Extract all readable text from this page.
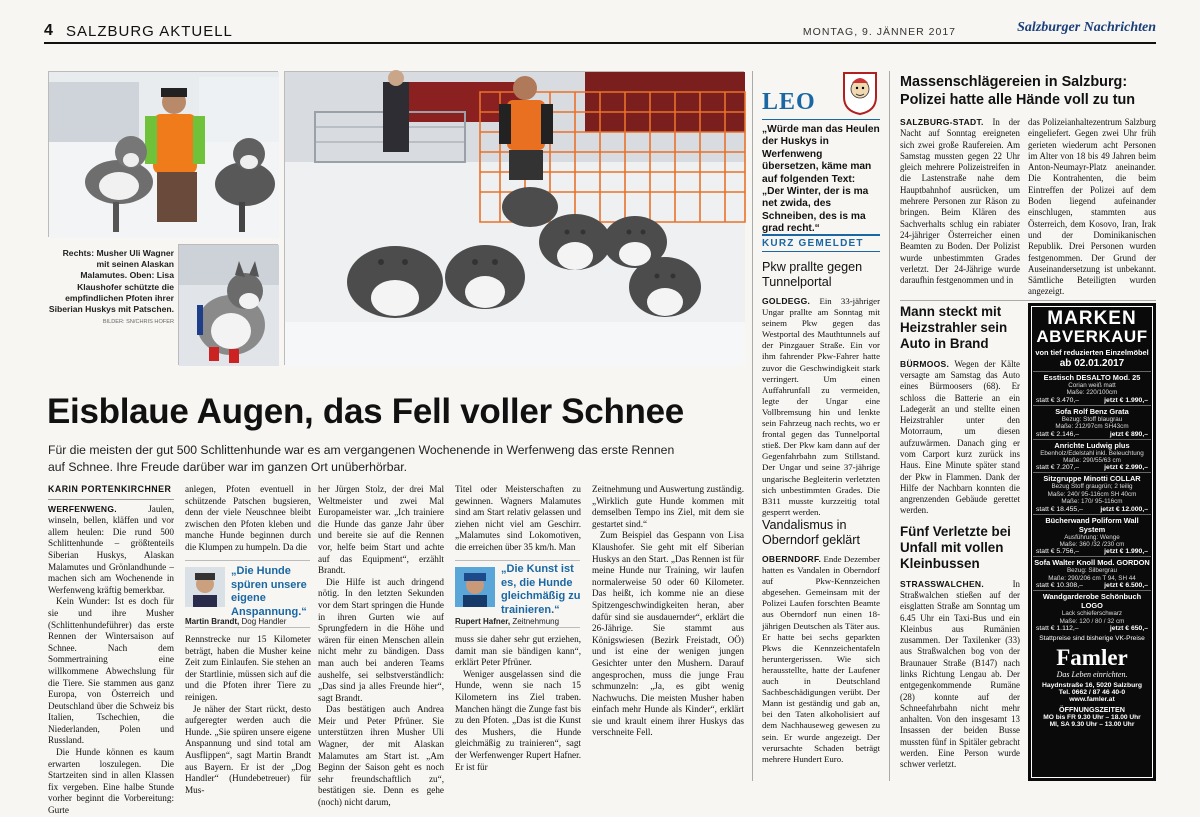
4 SALZBURG AKTUELL	MONTAG, 9. JÄNNER 2017	Salzburger Nachrichten
Rechts: Musher Uli Wagner mit seinen Alaskan Malamutes. Oben: Lisa Klaushofer schützte die empfindlichen Pfoten ihrer Siberian Huskys mit Patschen.
BILDER: SN/CHRIS HOFER
Eisblaue Augen, das Fell voller Schnee
Für die meisten der gut 500 Schlittenhunde war es am vergangenen Wochenende in Werfenweng das erste Rennen auf Schnee. Ihre Freude darüber war im ganzen Ort unüberhörbar.
KARIN PORTENKIRCHNER

WERFENWENG.	Jaulen, winseln, bellen, kläffen und vor allem heulen: Die rund 500 Schlittenhunde – größtenteils Siberian Huskys, Alaskan Malamutes und Grönlandhunde – machen sich am Wochenende in Werfenweng kräftig bemerkbar.

Kein Wunder: Ist es doch für sie und ihre Musher (Schlittenhundeführer) das erste Rennen der Wintersaison auf Schnee. Nach dem Sommertraining eine willkommene Abwechslung für die Tiere. Sie stammen aus ganz Europa, von Österreich und Deutschland über die Schweiz bis Italien, Tschechien, die Niederlanden, Polen und Russland.

Die Hunde können es kaum erwarten loszulegen. Die Startzeiten sind in allen Klassen fix vergeben. Eine halbe Stunde vorher beginnt die Vorbereitung: Gurte

anlegen, Pfoten eventuell in schützende Patschen bugsieren, denn der viele Neuschnee bleibt zwischen den Pfoten kleben und manche Hunde beginnen durch die Klumpen zu humpeln. Da die

„Die Hunde spüren unsere eigene Anspannung.“
Martin Brandt, Dog Handler

Rennstrecke nur 15 Kilometer beträgt, haben die Musher keine Zeit zum Einlaufen. Sie stehen an der Startlinie, müssen sich auf die und die Pfoten ihrer Tiere zu reinigen.

Je näher der Start rückt, desto aufgeregter werden auch die Hunde. „Sie spüren unsere eigene Anspannung und sind total am Ausflippen“, sagt Martin Brandt aus Bayern. Er ist der „Dog Handler“ (Hundebetreuer) für Mus-

her Jürgen Stolz, der drei Mal Weltmeister und zwei Mal Europameister war. „Ich trainiere die Hunde das ganze Jahr über und bereite sie auf die Rennen vor, helfe beim Start und achte auf das Equipment“, erzählt Brandt.

Die Hilfe ist auch dringend nötig. In den letzten Sekunden vor dem Start springen die Hunde in ihren Gurten wie auf Sprungfedern in die Höhe und wären für einen Menschen allein nicht mehr zu bändigen. Dass man auch bei anderen Teams aushelfe, sei selbstverständlich: „Das sind ja alles Freunde hier“, sagt Brandt.

Das bestätigen auch Andrea Meir und Peter Pfrüner. Sie unterstützen ihren Musher Uli Wagner, der mit Alaskan Malamutes am Start ist. „Am Beginn der Saison geht es noch sehr freundschaftlich zu“, bestätigen sie. Denn es gehe (noch) nicht darum,

Titel oder Meisterschaften zu gewinnen. Wagners Malamutes sind am Start relativ gelassen und ziehen nicht viel am Geschirr. „Malamutes sind Lokomotiven, die erreichen über 35 km/h. Man

„Die Kunst ist es, die Hunde gleichmäßig zu trainieren.“
Rupert Hafner, Zeitnehmung

muss sie daher sehr gut erziehen, damit man sie bändigen kann“, erklärt Peter Pfrüner.

Weniger ausgelassen sind die Hunde, wenn sie nach 15 Kilometern ins Ziel traben. Manchen hängt die Zunge fast bis zu den Pfoten. „Das ist die Kunst des Mushers, die Hunde gleichmäßig zu trainieren“, sagt der Werfenwenger Rupert Hafner. Er ist für

Zeitnehmung und Auswertung zuständig. „Wirklich gute Hunde kommen mit demselben Tempo ins Ziel, mit dem sie gestartet sind.“

Zum Beispiel das Gespann von Lisa Klaushofer. Sie geht mit elf Siberian Huskys an den Start. „Das Rennen ist für meine Hunde nur Training, wir laufen normalerweise 50 oder 60 Kilometer. Das heißt, ich komme nie an diese Spitzengeschwindigkeiten heran, aber dafür sind sie ausdauernder“, erklärt die 26-Jährige. Sie stammt aus Königswiesen (Bezirk Freistadt, OÖ) und ist eine der wenigen jungen Gesichter unter den Mushern. Darauf angesprochen, muss die junge Frau schmunzeln: „Ja, es gibt wenig Nachwuchs. Die meisten Musher haben einfach mehr Hunde als Kinder“, erklärt sie und krault einem ihrer Huskys das verschneite Fell.

LEO
„Würde man das Heulen der Huskys in Werfenweng übersetzen, käme man auf folgenden Text: „Der Winter, der is ma net zwida, des Schneiben, des is ma grad recht.“
KURZ GEMELDET
Pkw prallte gegen Tunnelportal
GOLDEGG. Ein 33-jähriger Ungar prallte am Sonntag mit seinem Pkw gegen das Westportal des Mauthtunnels auf der Pinzgauer Straße. Ein vor ihm fahrender Pkw-Fahrer hatte zuvor die Geschwindigkeit stark verringert. Um einen Auffahrunfall zu vermeiden, legte der Ungar eine Vollbremsung hin und lenkte sein Fahrzeug nach rechts, wo er frontal gegen das Tunnelportal stieß. Der Pkw kam dann auf der Gegenfahrbahn zum Stillstand. Der Ungar und seine 37-jährige ungarische Begleiterin verletzten sich unbestimmten Grades. Die B311 musste kurzzeitig total gesperrt werden.
Vandalismus in Oberndorf geklärt
OBERNDORF. Ende Dezember hatten es Vandalen in Oberndorf auf Pkw-Kennzeichen abgesehen. Gemeinsam mit der Polizei Laufen forschten Beamte aus Oberndorf nun einen 18-jährigen Deutschen als Täter aus. Er hatte bei sechs geparkten Pkws die Kennzeichentafeln heruntergerissen. Wie sich herausstellte, hatte der Laufener auch in Deutschland Sachbeschädigungen verübt. Der Mann ist geständig und gab an, bei den Taten alkoholisiert auf dem Nachhauseweg gewesen zu sein. Er wurde angezeigt. Der verursachte Schaden beträgt mehrere Hundert Euro.
Massenschlägereien in Salzburg: Polizei hatte alle Hände voll zu tun
SALZBURG-STADT. In der Nacht auf Sonntag ereigneten sich zwei große Raufereien. Am Samstag mussten gegen 22 Uhr gleich mehrere Polizeistreifen in die Lastenstraße nahe dem Hauptbahnhof ausrücken, um mehrere Personen zur Räson zu bringen. Beim Klären des Sachverhalts schlug ein rabiater 24-jähriger Österreicher einen Beamten zu Boden. Der Polizist wurde unbestimmten Grades verletzt. Der 24-Jährige wurde daraufhin festgenommen und in
das Polizeianhaltezentrum Salzburg eingeliefert. Gegen zwei Uhr früh gerieten wiederum acht Personen im Alter von 18 bis 49 Jahren beim Anton-Neumayr-Platz aneinander. Die Kontrahenten, die beim Eintreffen der Polizei auf dem Boden liegend aufeinander einschlugen, stammten aus Österreich, dem Kosovo, Iran, Irak und der Dominikanischen Republik. Drei Personen wurden festgenommen. Der Grund der Auseinandersetzung ist unbekannt. Sämtliche Beteiligten wurden angezeigt.
Mann steckt mit Heizstrahler sein Auto in Brand
BÜRMOOS. Wegen der Kälte versagte am Samstag das Auto eines Bürmoosers (68). Er schloss die Batterie an ein Ladegerät an und stellte einen Heizstrahler unter den Motorraum, um diesen aufzuwärmen. Danach ging er vom Carport kurz zurück ins Haus. Eine Minute später stand der Pkw in Flammen. Dank der Hilfe der Nachbarn konnten die angrenzenden Gebäude gerettet werden.
Fünf Verletzte bei Unfall mit vollen Kleinbussen
STRASSWALCHEN.	In Straßwalchen stießen auf der eisglatten Straße am Sonntag um 6.45 Uhr ein Taxi-Bus und ein Kleinbus aus Rumänien zusammen. Der Taxilenker (33) aus Straßwalchen bog von der Braunauer Straße (B147) nach links Richtung Lengau ab. Der entgegenkommende Rumäne (28) konnte auf der Schneefahrbahn nicht mehr anhalten. Von den insgesamt 13 Insassen der beiden Busse mussten fünf in Spitäler gebracht werden. Eine Person wurde schwer verletzt.
MARKEN
ABVERKAUF
von tief reduzierten Einzelmöbel
ab 02.01.2017
Esstisch DESALTO Mod. 25
Corian weiß matt
Maße: 220/100cm
statt € 3.470,–	jetzt € 1.990,–
Sofa Rolf Benz Grata
Bezug: Stoff blaugrau
Maße: 212/97cm SH43cm
statt € 2.146,–	jetzt € 890,–
Anrichte Ludwig plus
Ebenholz/Edelstahl inkl. Beleuchtung
Maße: 290/55/63 cm
statt € 7.207,–	jetzt € 2.990,–
Sitzgruppe Minotti COLLAR
Bezug Stoff graugrün; 2 teilig
Maße: 240/ 95-116cm SH 40cm
Maße: 170/ 95-116cm
statt € 18.455,–	jetzt € 12.000,–
Bücherwand Poliform Wall System
Ausführung: Wenge
Maße: 360 /32 /230 cm
statt € 5.756,–	jetzt € 1.990,–
Sofa Walter Knoll Mod. GORDON
Bezug: Silbergrau
Maße: 290/206 cm T 94, SH 44
statt € 10.308,–	jetzt € 6.500,–
Wandgarderobe Schönbuch LOGO
Lack schieferschwarz
Maße: 120 / 80 / 32 cm
statt € 1.112,–	jetzt € 650,–
Stattpreise sind bisherige VK-Preise
Famler
Das Leben einrichten.
Haydnstraße 16, 5020 Salzburg
Tel. 0662 / 87 46 40-0
www.famler.at
ÖFFNUNGSZEITEN
MO bis FR 9.30 Uhr – 18.00 Uhr
MI, SA 9.30 Uhr – 13.00 Uhr
